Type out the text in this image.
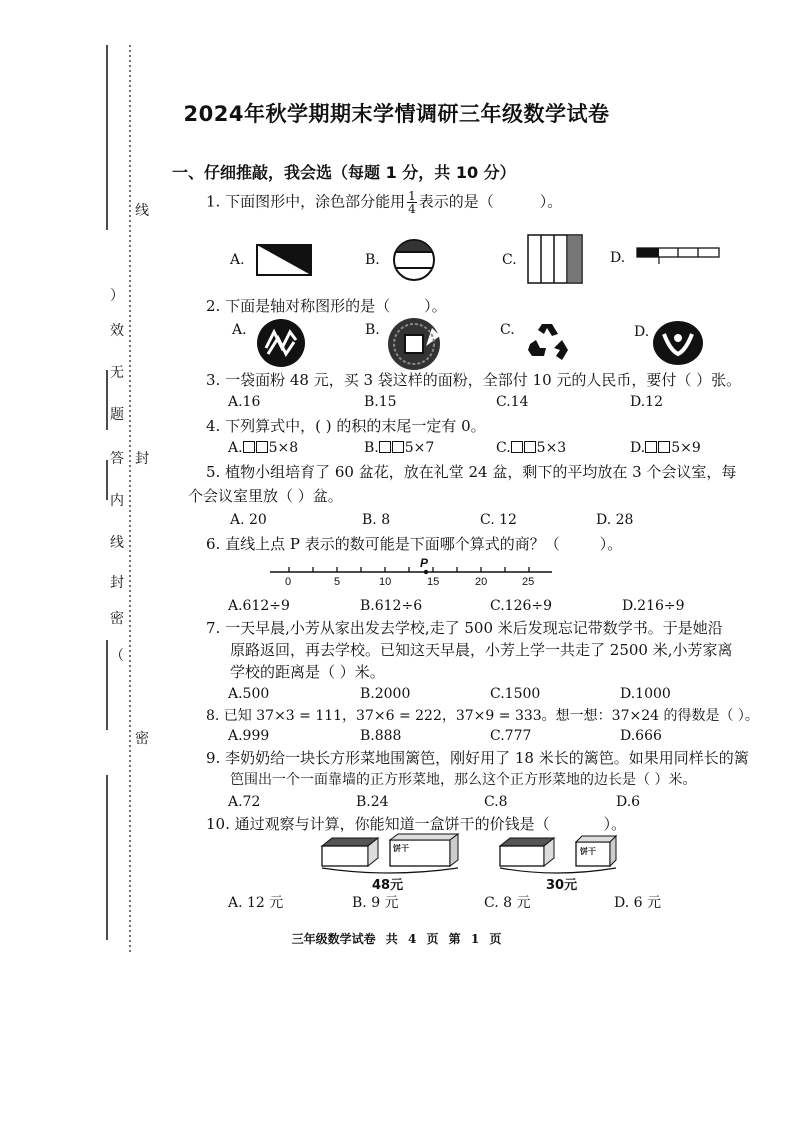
线
）
效
无
题
答
内
线
封
封
密
（
密
2024年秋学期期末学情调研三年级数学试卷
一、仔细推敲，我会选（每题 1 分，共 10 分）
1. 下面图形中，涂色部分能用 $\frac{1}{4}$ 表示的是（	）。
A.	B.	C.	D.
2. 下面是轴对称图形的是（ ）。
A.	B.	C.	D.
3. 一袋面粉 48 元，买 3 袋这样的面粉，全部付 10 元的人民币，要付（ ）张。
A.16	B.15	C.14	D.12
4. 下列算式中，( ) 的积的末尾一定有 0。
A. 5×8	B. 5×7	C. 5×3	D. 5×9
5. 植物小组培育了 60 盆花，放在礼堂 24 盆，剩下的平均放在 3 个会议室，每
个会议室里放（ ）盆。
A. 20	B. 8	C. 12	D. 28
6. 直线上点 P 表示的数可能是下面哪个算式的商？（	）。
P
0	5	10	15	20	25
A.612÷9	B.612÷6	C.126÷9	D.216÷9
7. 一天早晨,小芳从家出发去学校,走了 500 米后发现忘记带数学书。于是她沿
原路返回，再去学校。已知这天早晨，小芳上学一共走了 2500 米,小芳家离
学校的距离是（ ）米。
A.500	B.2000	C.1500	D.1000
8. 已知 37×3 = 111，37×6 = 222，37×9 = 333。想一想：37×24 的得数是（ ）。
A.999	B.888	C.777	D.666
9. 李奶奶给一块长方形菜地围篱笆，刚好用了 18 米长的篱笆。如果用同样长的篱
笆围出一个一面靠墙的正方形菜地，那么这个正方形菜地的边长是（ ）米。
A.72	B.24	C.8	D.6
10. 通过观察与计算，你能知道一盒饼干的价钱是（	）。
饼干
48元
饼干
30元
A. 12 元	B. 9 元	C. 8 元	D. 6 元
三年级数学试卷 共 4 页 第 1 页
